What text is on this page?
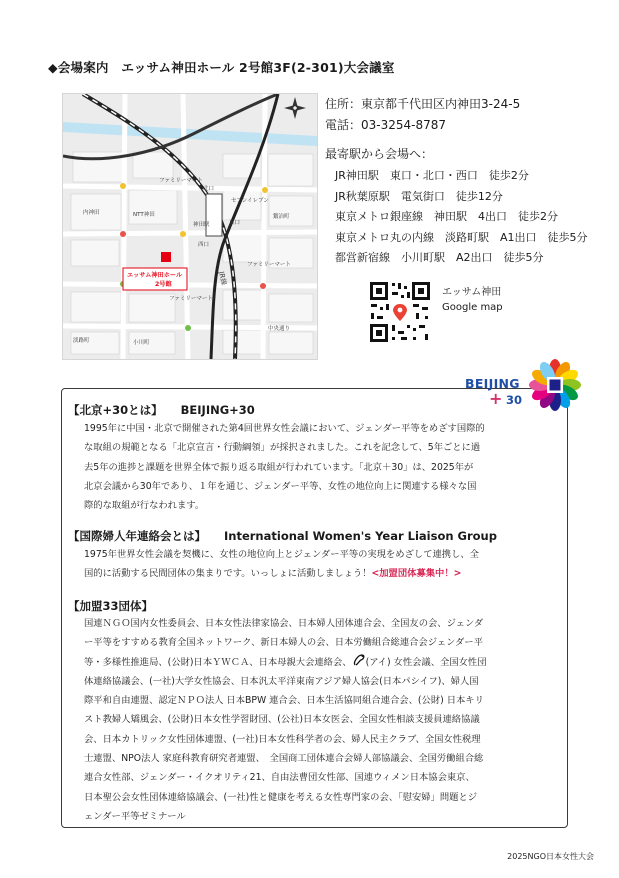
◆会場案内　エッサム神田ホール 2号館3F(2-301)大会議室
JR線
ファミリーマート
ファミリーマート
ファミリーマート
神田駅
セブンイレブン
西口
北口
東口
NTT神田
内神田
鍛冶町
中央通り
淡路町	小川町
エッサム神田ホール
2号館
住所：東京都千代田区内神田3-24-5
電話：03-3254-8787
最寄駅から会場へ：
JR神田駅　東口・北口・西口　徒歩2分
JR秋葉原駅　電気街口　徒歩12分
東京メトロ銀座線　神田駅　4出口　徒歩2分
東京メトロ丸の内線　淡路町駅　A1出口　徒歩5分
都営新宿線　小川町駅　A2出口　徒歩5分
エッサム神田
Google map
BEIJING
+ 30
【北京+30とは】 BEIJING+30
1995年に中国・北京で開催された第4回世界女性会議において、ジェンダー平等をめざす国際的
な取組の規範となる「北京宣言・行動綱領」が採択されました。これを記念して、5年ごとに過
去5年の進捗と課題を世界全体で振り返る取組が行われています。「北京＋30」は、2025年が
北京会議から30年であり、１年を通じ、ジェンダー平等、女性の地位向上に関連する様々な国
際的な取組が行なわれます。
【国際婦人年連絡会とは】 International Women's Year Liaison Group
1975年世界女性会議を契機に、女性の地位向上とジェンダー平等の実現をめざして連携し、全
国的に活動する民間団体の集まりです。いっしょに活動しましょう！<加盟団体募集中！>
【加盟33団体】
国連ＮＧＯ国内女性委員会、日本女性法律家協会、日本婦人団体連合会、全国友の会、ジェンダ
ー平等をすすめる教育全国ネットワーク、新日本婦人の会、日本労働組合総連合会ジェンダー平
等・多様性推進局、(公財)日本ＹＷＣＡ、日本母親大会連絡会、 (アイ) 女性会議、全国女性団
体連絡協議会、(一社)大学女性協会、日本汎太平洋東南アジア婦人協会(日本パシイフ)、婦人国
際平和自由連盟、認定ＮＰＯ法人 日本BPW 連合会、日本生活協同組合連合会、(公財) 日本キリ
スト教婦人矯風会、(公財)日本女性学習財団、(公社)日本女医会、全国女性相談支援員連絡協議
会、日本カトリック女性団体連盟、(一社)日本女性科学者の会、婦人民主クラブ、全国女性税理
士連盟、NPO法人 家庭科教育研究者連盟、　全国商工団体連合会婦人部協議会、全国労働組合総
連合女性部、ジェンダー・イクオリティ21、自由法曹団女性部、国連ウィメン日本協会東京、
日本聖公会女性団体連絡協議会、(一社)性と健康を考える女性専門家の会、「慰安婦」問題とジ
ェンダー平等ゼミナール
2025NGO日本女性大会
